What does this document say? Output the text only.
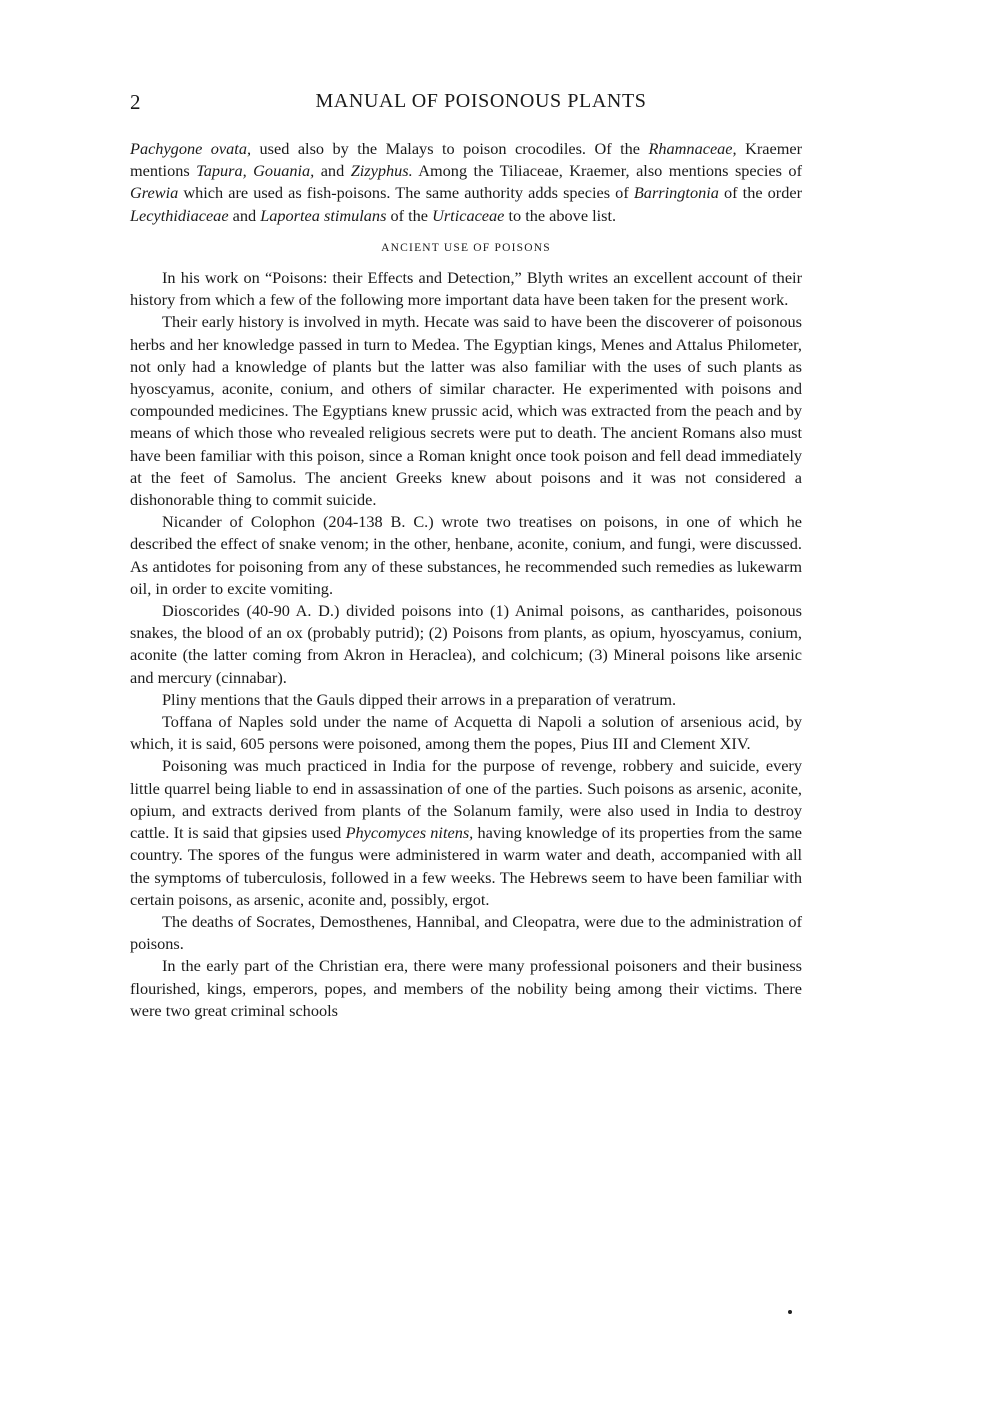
2	MANUAL OF POISONOUS PLANTS

Pachygone ovata, used also by the Malays to poison crocodiles. Of the Rhamnaceae, Kraemer mentions Tapura, Gouania, and Zizyphus. Among the Tiliaceae, Kraemer, also mentions species of Grewia which are used as fish-poisons. The same authority adds species of Barringtonia of the order Lecythidiaceae and Laportea stimulans of the Urticaceae to the above list.

ANCIENT USE OF POISONS

In his work on “Poisons: their Effects and Detection,” Blyth writes an excellent account of their history from which a few of the following more important data have been taken for the present work.

Their early history is involved in myth. Hecate was said to have been the discoverer of poisonous herbs and her knowledge passed in turn to Medea. The Egyptian kings, Menes and Attalus Philometer, not only had a knowledge of plants but the latter was also familiar with the uses of such plants as hyoscyamus, aconite, conium, and others of similar character. He experimented with poisons and compounded medicines. The Egyptians knew prussic acid, which was extracted from the peach and by means of which those who revealed religious secrets were put to death. The ancient Romans also must have been familiar with this poison, since a Roman knight once took poison and fell dead immediately at the feet of Samolus. The ancient Greeks knew about poisons and it was not considered a dishonorable thing to commit suicide.

Nicander of Colophon (204-138 B. C.) wrote two treatises on poisons, in one of which he described the effect of snake venom; in the other, henbane, aconite, conium, and fungi, were discussed. As antidotes for poisoning from any of these substances, he recommended such remedies as lukewarm oil, in order to excite vomiting.

Dioscorides (40-90 A. D.) divided poisons into (1) Animal poisons, as cantharides, poisonous snakes, the blood of an ox (probably putrid); (2) Poisons from plants, as opium, hyoscyamus, conium, aconite (the latter coming from Akron in Heraclea), and colchicum; (3) Mineral poisons like arsenic and mercury (cinnabar).

Pliny mentions that the Gauls dipped their arrows in a preparation of veratrum.

Toffana of Naples sold under the name of Acquetta di Napoli a solution of arsenious acid, by which, it is said, 605 persons were poisoned, among them the popes, Pius III and Clement XIV.

Poisoning was much practiced in India for the purpose of revenge, robbery and suicide, every little quarrel being liable to end in assassination of one of the parties. Such poisons as arsenic, aconite, opium, and extracts derived from plants of the Solanum family, were also used in India to destroy cattle. It is said that gipsies used Phycomyces nitens, having knowledge of its properties from the same country. The spores of the fungus were administered in warm water and death, accompanied with all the symptoms of tuberculosis, followed in a few weeks. The Hebrews seem to have been familiar with certain poisons, as arsenic, aconite and, possibly, ergot.

The deaths of Socrates, Demosthenes, Hannibal, and Cleopatra, were due to the administration of poisons.

In the early part of the Christian era, there were many professional poisoners and their business flourished, kings, emperors, popes, and members of the nobility being among their victims. There were two great criminal schools
